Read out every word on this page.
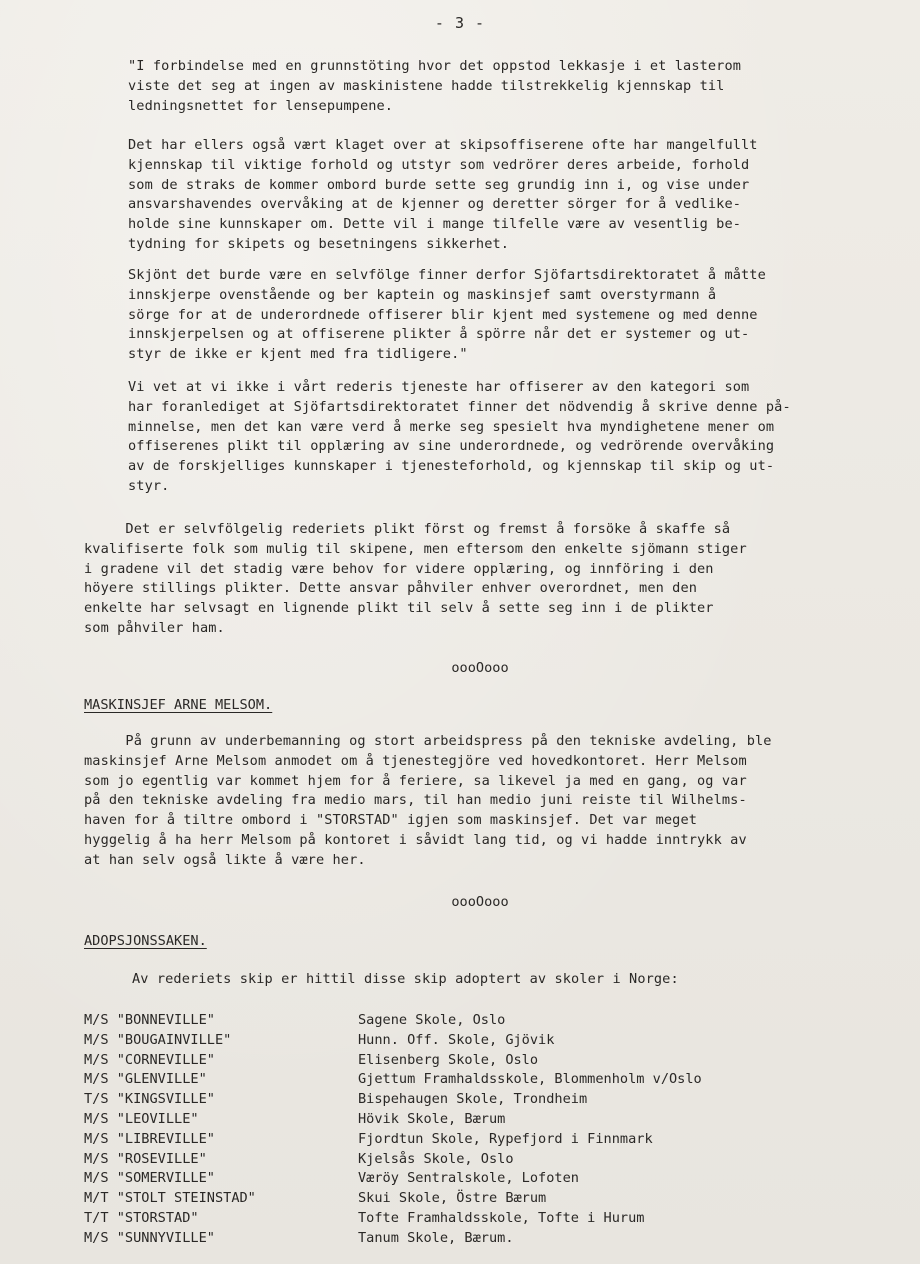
- 3 -
"I forbindelse med en grunnstöting hvor det oppstod lekkasje i et lasterom
viste det seg at ingen av maskinistene hadde tilstrekkelig kjennskap til
ledningsnettet for lensepumpene.
Det har ellers også vært klaget over at skipsoffiserene ofte har mangelfullt
kjennskap til viktige forhold og utstyr som vedrörer deres arbeide, forhold
som de straks de kommer ombord burde sette seg grundig inn i, og vise under
ansvarshavendes overvåking at de kjenner og deretter sörger for å vedlike-
holde sine kunnskaper om. Dette vil i mange tilfelle være av vesentlig be-
tydning for skipets og besetningens sikkerhet.
Skjönt det burde være en selvfölge finner derfor Sjöfartsdirektoratet å måtte
innskjerpe ovenstående og ber kaptein og maskinsjef samt overstyrmann å
sörge for at de underordnede offiserer blir kjent med systemene og med denne
innskjerpelsen og at offiserene plikter å spörre når det er systemer og ut-
styr de ikke er kjent med fra tidligere."
Vi vet at vi ikke i vårt rederis tjeneste har offiserer av den kategori som
har foranlediget at Sjöfartsdirektoratet finner det nödvendig å skrive denne på-
minnelse, men det kan være verd å merke seg spesielt hva myndighetene mener om
offiserenes plikt til opplæring av sine underordnede, og vedrörende overvåking
av de forskjelliges kunnskaper i tjenesteforhold, og kjennskap til skip og ut-
styr.
Det er selvfölgelig rederiets plikt först og fremst å forsöke å skaffe så
kvalifiserte folk som mulig til skipene, men eftersom den enkelte sjömann stiger
i gradene vil det stadig være behov for videre opplæring, og innföring i den
höyere stillings plikter. Dette ansvar påhviler enhver overordnet, men den
enkelte har selvsagt en lignende plikt til selv å sette seg inn i de plikter
som påhviler ham.
oooOooo
MASKINSJEF ARNE MELSOM.
På grunn av underbemanning og stort arbeidspress på den tekniske avdeling, ble
maskinsjef Arne Melsom anmodet om å tjenestegjöre ved hovedkontoret. Herr Melsom
som jo egentlig var kommet hjem for å feriere, sa likevel ja med en gang, og var
på den tekniske avdeling fra medio mars, til han medio juni reiste til Wilhelms-
haven for å tiltre ombord i "STORSTAD" igjen som maskinsjef. Det var meget
hyggelig å ha herr Melsom på kontoret i såvidt lang tid, og vi hadde inntrykk av
at han selv også likte å være her.
oooOooo
ADOPSJONSSAKEN.
Av rederiets skip er hittil disse skip adoptert av skoler i Norge:
M/S "BONNEVILLE"	Sagene Skole, Oslo
M/S "BOUGAINVILLE"	Hunn. Off. Skole, Gjövik
M/S "CORNEVILLE"	Elisenberg Skole, Oslo
M/S "GLENVILLE"	Gjettum Framhaldsskole, Blommenholm v/Oslo
T/S "KINGSVILLE"	Bispehaugen Skole, Trondheim
M/S "LEOVILLE"	Hövik Skole, Bærum
M/S "LIBREVILLE"	Fjordtun Skole, Rypefjord i Finnmark
M/S "ROSEVILLE"	Kjelsås Skole, Oslo
M/S "SOMERVILLE"	Væröy Sentralskole, Lofoten
M/T "STOLT STEINSTAD"	Skui Skole, Östre Bærum
T/T "STORSTAD"	Tofte Framhaldsskole, Tofte i Hurum
M/S "SUNNYVILLE"	Tanum Skole, Bærum.
